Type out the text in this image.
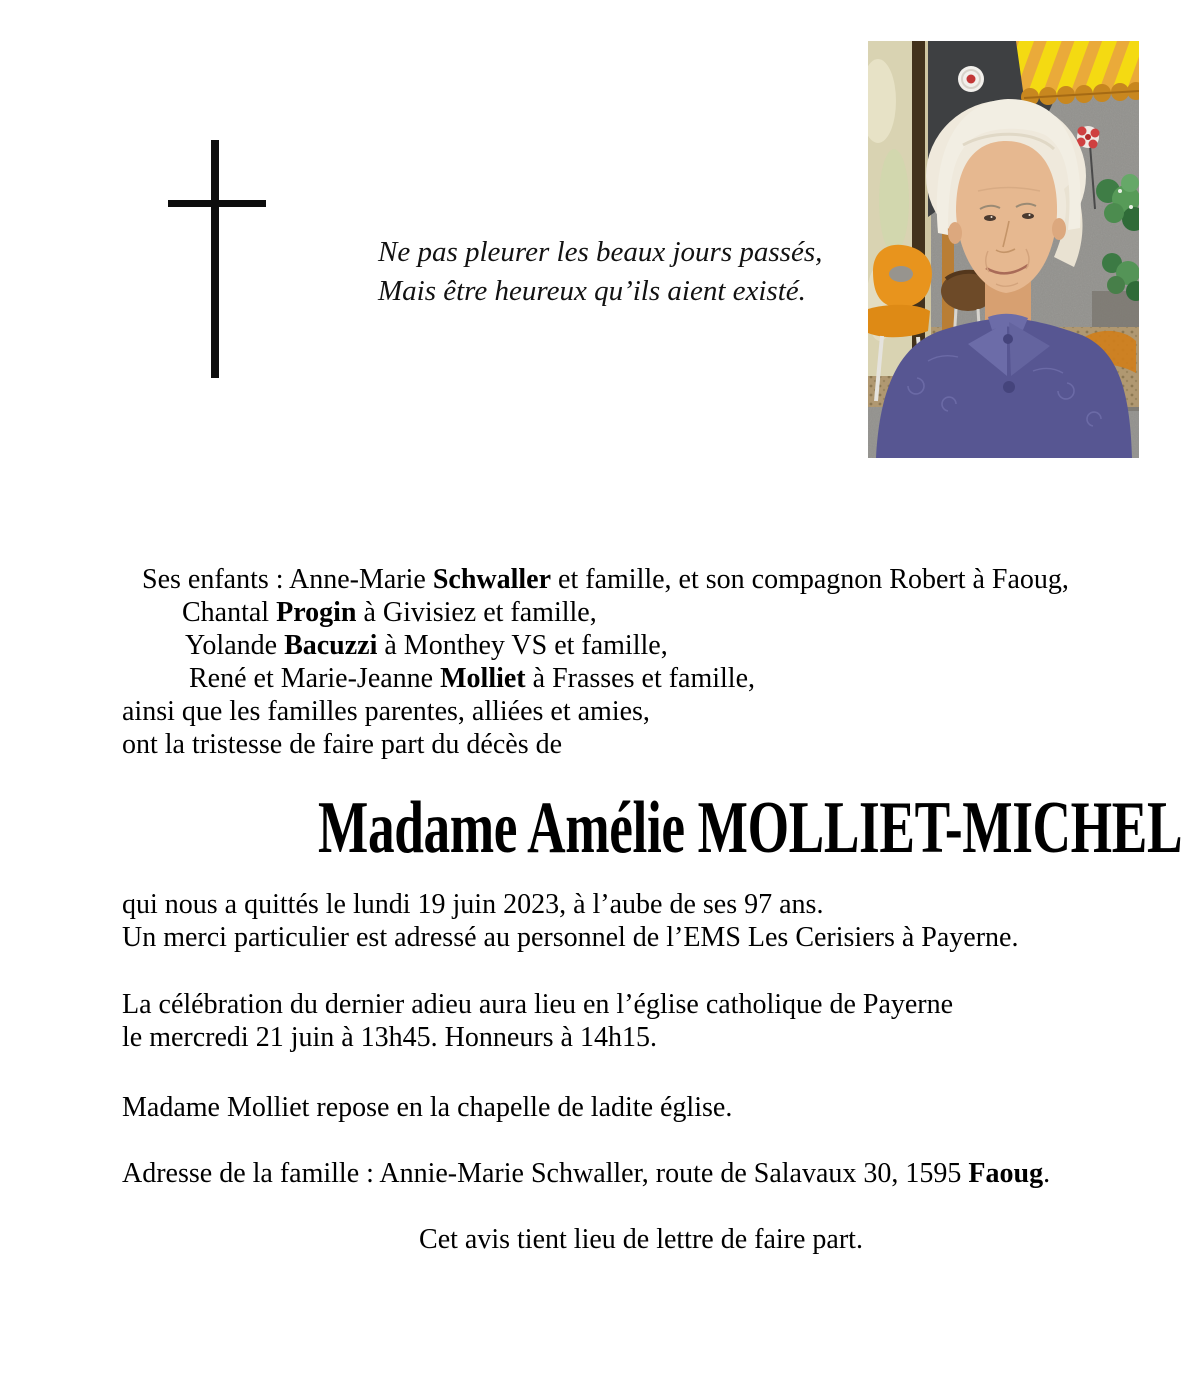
Ne pas pleurer les beaux jours passés,
Mais être heureux qu’ils aient existé.
Ses enfants : Anne-Marie Schwaller et famille, et son compagnon Robert à Faoug,
Chantal Progin à Givisiez et famille,
Yolande Bacuzzi à Monthey VS et famille,
René et Marie-Jeanne Molliet à Frasses et famille,
ainsi que les familles parentes, alliées et amies,
ont la tristesse de faire part du décès de
Madame Amélie MOLLIET-MICHEL
qui nous a quittés le lundi 19 juin 2023, à l’aube de ses 97 ans.
Un merci particulier est adressé au personnel de l’EMS Les Cerisiers à Payerne.
La célébration du dernier adieu aura lieu en l’église catholique de Payerne
le mercredi 21 juin à 13h45. Honneurs à 14h15.
Madame Molliet repose en la chapelle de ladite église.
Adresse de la famille : Annie-Marie Schwaller, route de Salavaux 30, 1595 Faoug.
Cet avis tient lieu de lettre de faire part.
